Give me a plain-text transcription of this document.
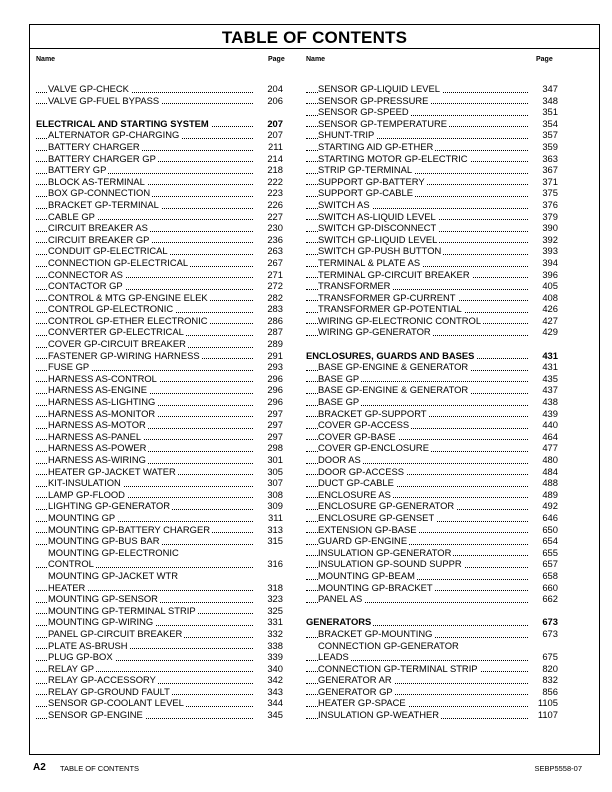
TABLE OF CONTENTS
Name	Page	Name	Page
VALVE GP-CHECK	204
VALVE GP-FUEL BYPASS	206
ELECTRICAL AND STARTING SYSTEM	207
ALTERNATOR GP-CHARGING	207
BATTERY CHARGER	211
BATTERY CHARGER GP	214
BATTERY GP	218
BLOCK AS-TERMINAL	222
BOX GP-CONNECTION	223
BRACKET GP-TERMINAL	226
CABLE GP	227
CIRCUIT BREAKER AS	230
CIRCUIT BREAKER GP	236
CONDUIT GP-ELECTRICAL	263
CONNECTION GP-ELECTRICAL	267
CONNECTOR AS	271
CONTACTOR GP	272
CONTROL & MTG GP-ENGINE ELEK	282
CONTROL GP-ELECTRONIC	283
CONTROL GP-ETHER ELECTRONIC	286
CONVERTER GP-ELECTRICAL	287
COVER GP-CIRCUIT BREAKER	289
FASTENER GP-WIRING HARNESS	291
FUSE GP	293
HARNESS AS-CONTROL	296
HARNESS AS-ENGINE	296
HARNESS AS-LIGHTING	296
HARNESS AS-MONITOR	297
HARNESS AS-MOTOR	297
HARNESS AS-PANEL	297
HARNESS AS-POWER	298
HARNESS AS-WIRING	301
HEATER GP-JACKET WATER	305
KIT-INSULATION	307
LAMP GP-FLOOD	308
LIGHTING GP-GENERATOR	309
MOUNTING GP	311
MOUNTING GP-BATTERY CHARGER	313
MOUNTING GP-BUS BAR	315
MOUNTING GP-ELECTRONIC
CONTROL	316
MOUNTING GP-JACKET WTR
HEATER	318
MOUNTING GP-SENSOR	323
MOUNTING GP-TERMINAL STRIP	325
MOUNTING GP-WIRING	331
PANEL GP-CIRCUIT BREAKER	332
PLATE AS-BRUSH	338
PLUG GP-BOX	339
RELAY GP	340
RELAY GP-ACCESSORY	342
RELAY GP-GROUND FAULT	343
SENSOR GP-COOLANT LEVEL	344
SENSOR GP-ENGINE	345
SENSOR GP-LIQUID LEVEL	347
SENSOR GP-PRESSURE	348
SENSOR GP-SPEED	351
SENSOR GP-TEMPERATURE	354
SHUNT-TRIP	357
STARTING AID GP-ETHER	359
STARTING MOTOR GP-ELECTRIC	363
STRIP GP-TERMINAL	367
SUPPORT GP-BATTERY	371
SUPPORT GP-CABLE	375
SWITCH AS	376
SWITCH AS-LIQUID LEVEL	379
SWITCH GP-DISCONNECT	390
SWITCH GP-LIQUID LEVEL	392
SWITCH GP-PUSH BUTTON	393
TERMINAL & PLATE AS	394
TERMINAL GP-CIRCUIT BREAKER	396
TRANSFORMER	405
TRANSFORMER GP-CURRENT	408
TRANSFORMER GP-POTENTIAL	426
WIRING GP-ELECTRONIC CONTROL	427
WIRING GP-GENERATOR	429
ENCLOSURES, GUARDS AND BASES	431
BASE GP-ENGINE & GENERATOR	431
BASE GP	435
BASE GP-ENGINE & GENERATOR	437
BASE GP	438
BRACKET GP-SUPPORT	439
COVER GP-ACCESS	440
COVER GP-BASE	464
COVER GP-ENCLOSURE	477
DOOR AS	480
DOOR GP-ACCESS	484
DUCT GP-CABLE	488
ENCLOSURE AS	489
ENCLOSURE GP-GENERATOR	492
ENCLOSURE GP-GENSET	646
EXTENSION GP-BASE	650
GUARD GP-ENGINE	654
INSULATION GP-GENERATOR	655
INSULATION GP-SOUND SUPPR	657
MOUNTING GP-BEAM	658
MOUNTING GP-BRACKET	660
PANEL AS	662
GENERATORS	673
BRACKET GP-MOUNTING	673
CONNECTION GP-GENERATOR
LEADS	675
CONNECTION GP-TERMINAL STRIP	820
GENERATOR AR	832
GENERATOR GP	856
HEATER GP-SPACE	1105
INSULATION GP-WEATHER	1107
A2 TABLE OF CONTENTS	SEBP5558-07
